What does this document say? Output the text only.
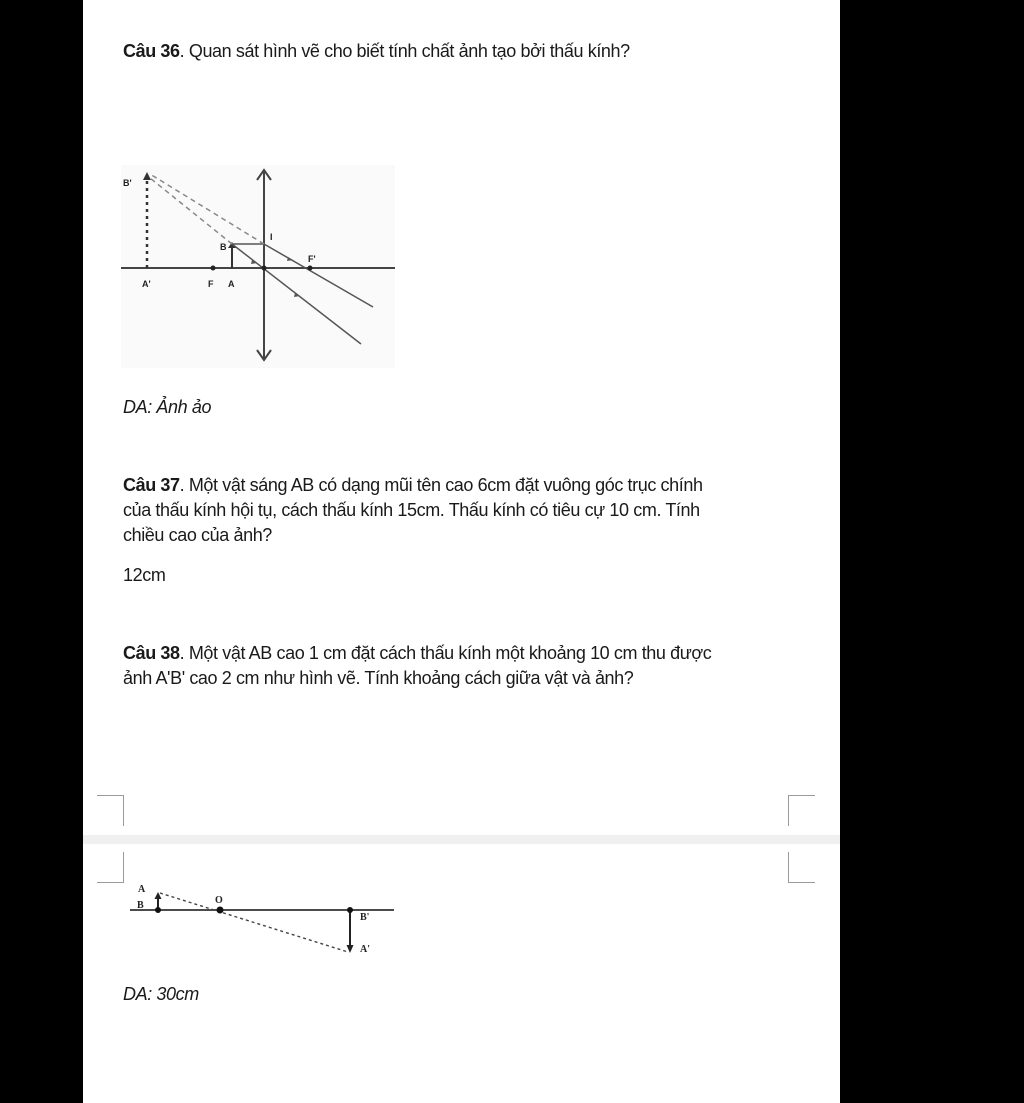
Câu 36. Quan sát hình vẽ cho biết tính chất ảnh tạo bởi thấu kính?
B'
A'	F A
B
I
F'
DA: Ảnh ảo
Câu 37. Một vật sáng AB có dạng mũi tên cao 6cm đặt vuông góc trục chính
của thấu kính hội tụ, cách thấu kính 15cm. Thấu kính có tiêu cự 10 cm. Tính
chiều cao của ảnh?
12cm
Câu 38. Một vật AB cao 1 cm đặt cách thấu kính một khoảng 10 cm thu được
ảnh A'B' cao 2 cm như hình vẽ. Tính khoảng cách giữa vật và ảnh?
A
B	O
B'
A'
DA: 30cm
